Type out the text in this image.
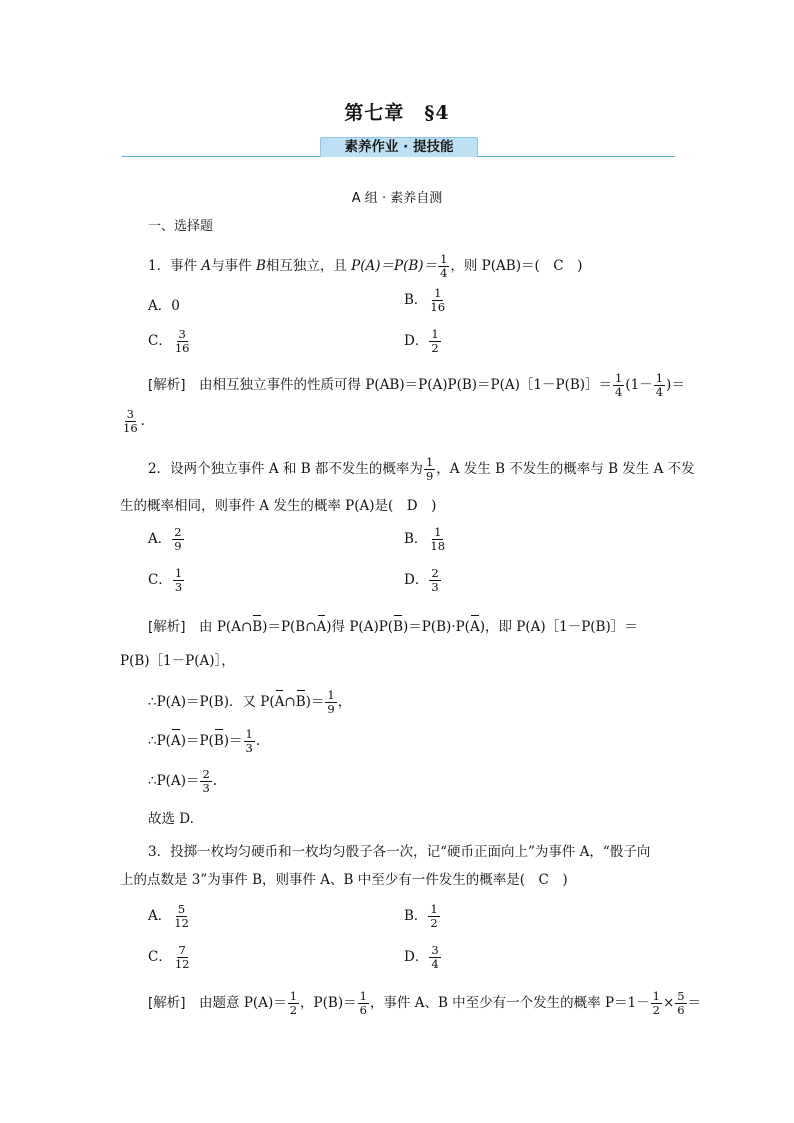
第七章　§4
素养作业 · 提技能
A 组 · 素养自测
一、选择题
1．事件 A与事件 B相互独立，且 $P(A)=P(B)= \frac{1}{4}$ ，则 P(AB)＝(　C　)
A．0	B． $\frac{1}{16}$
C． $\frac{3}{16}$	D． $\frac{1}{2}$
[解析]　 由相互独立事件的性质可得 P(AB)＝P(A)P(B)＝P(A)［1－P(B)］＝ $\frac{1}{4} (1- \frac{1}{4}$ )＝
$\frac{3}{16}$ .
2．设两个独立事件 A 和 B 都不发生的概率为 $\frac{1}{9}$ ，A 发生 B 不发生的概率与 B 发生 A 不发
生的概率相同，则事件 A 发生的概率 P(A)是(　D　)
A． $\frac{2}{9}$	B． $\frac{1}{18}$
C． $\frac{1}{3}$	D． $\frac{2}{3}$
[解析]　 由 P(A∩B)＝P(B∩A)得 P(A)P(B)＝P(B)·P(A)，即 P(A)［1－P(B)］＝
P(B)［1－P(A)］，
∴P(A)＝P(B)．又 P(A∩B)＝ $\frac{1}{9}$ ，
∴P(A)＝P(B)＝ $\frac{1}{3}$ .
∴P(A)＝ $\frac{2}{3}$ .
故选 D.
3．投掷一枚均匀硬币和一枚均匀骰子各一次，记“硬币正面向上”为事件 A，“骰子向
上的点数是 3”为事件 B，则事件 A、B 中至少有一件发生的概率是(　C　)
A． $\frac{5}{12}$	B． $\frac{1}{2}$
C． $\frac{7}{12}$	D． $\frac{3}{4}$
[解析]　 由题意 $P(A)= \frac{1}{2}$ ，$P(B)= \frac{1}{6}$ ，事件 A、B 中至少有一个发生的概率 $P=1- \frac{1}{2} \times \frac{5}{6}$ ＝
